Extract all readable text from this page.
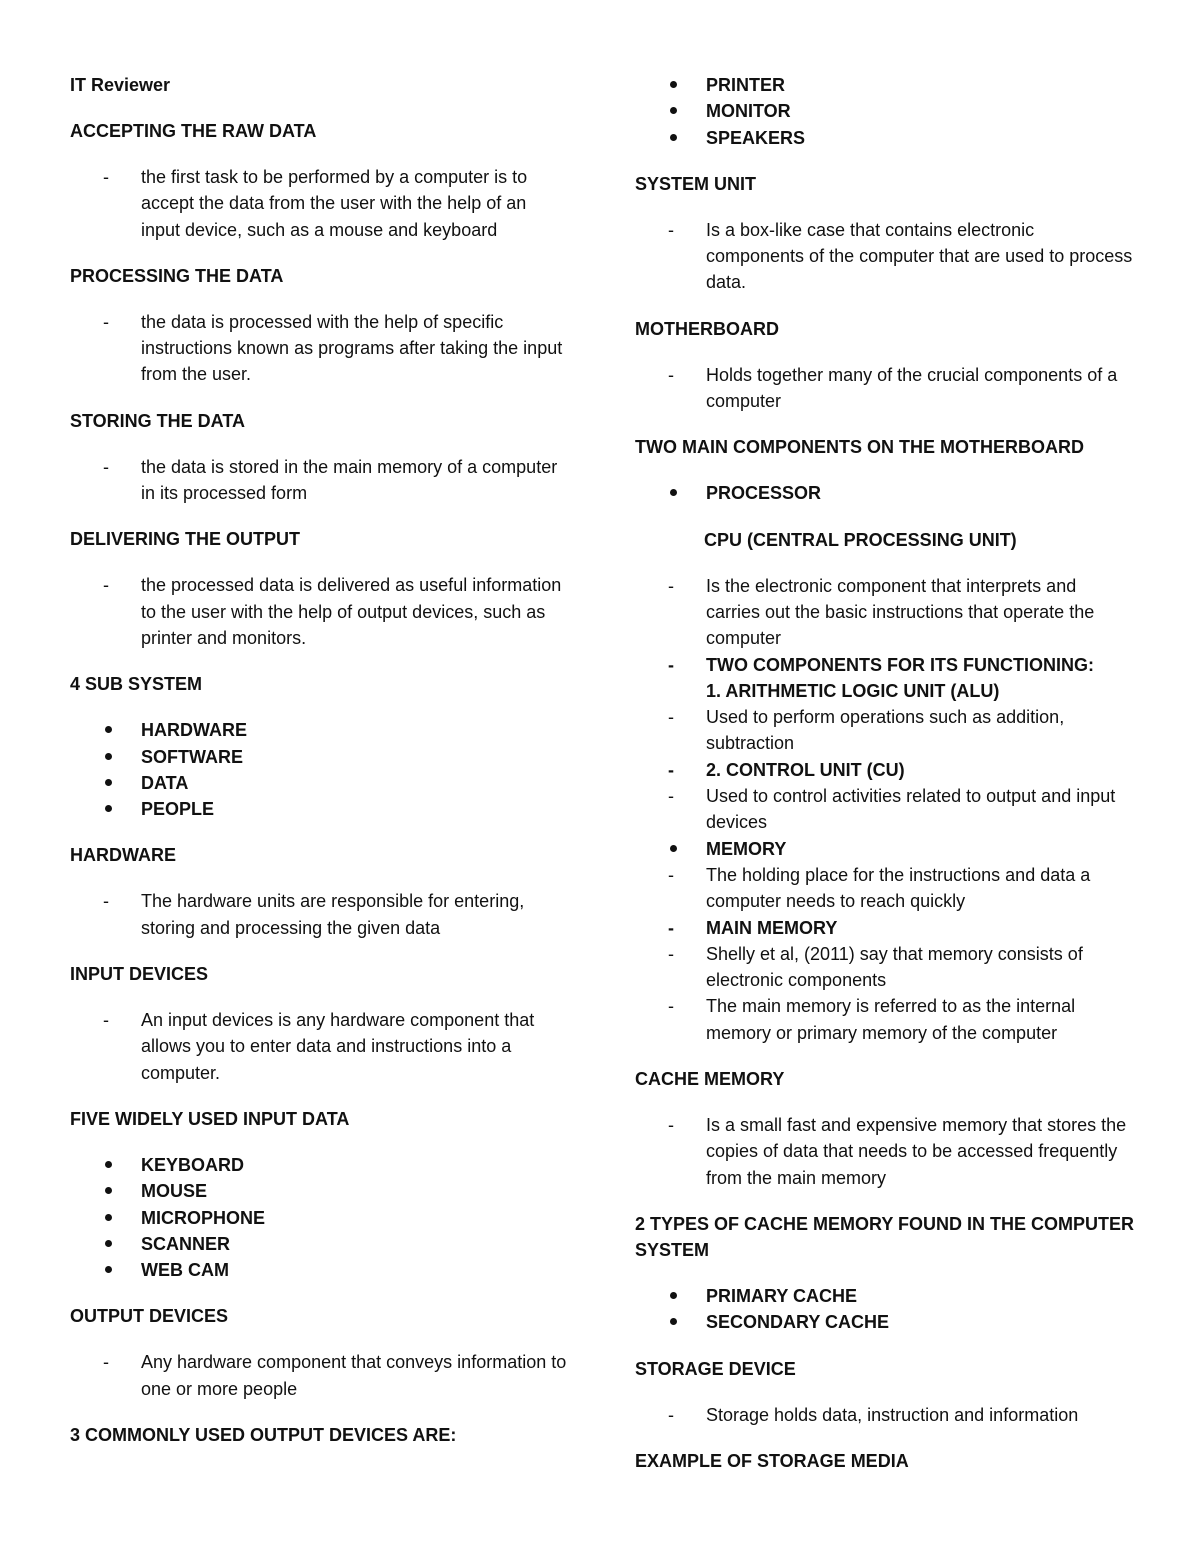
IT Reviewer
ACCEPTING THE RAW DATA
- the first task to be performed by a computer is to accept the data from the user with the help of an input device, such as a mouse and keyboard
PROCESSING THE DATA
- the data is processed with the help of specific instructions known as programs after taking the input from the user.
STORING THE DATA
- the data is stored in the main memory of a computer in its processed form
DELIVERING THE OUTPUT
- the processed data is delivered as useful information to the user with the help of output devices, such as printer and monitors.
4 SUB SYSTEM
HARDWARE
SOFTWARE
DATA
PEOPLE
HARDWARE
- The hardware units are responsible for entering, storing and processing the given data
INPUT DEVICES
- An input devices is any hardware component that allows you to enter data and instructions into a computer.
FIVE WIDELY USED INPUT DATA
KEYBOARD
MOUSE
MICROPHONE
SCANNER
WEB CAM
OUTPUT DEVICES
- Any hardware component that conveys information to one or more people
3 COMMONLY USED OUTPUT DEVICES ARE:
PRINTER
MONITOR
SPEAKERS
SYSTEM UNIT
- Is a box-like case that contains electronic components of the computer that are used to process data.
MOTHERBOARD
- Holds together many of the crucial components of a computer
TWO MAIN COMPONENTS ON THE MOTHERBOARD
PROCESSOR
CPU (CENTRAL PROCESSING UNIT)
- Is the electronic component that interprets and carries out the basic instructions that operate the computer
- TWO COMPONENTS FOR ITS FUNCTIONING:
1. ARITHMETIC LOGIC UNIT (ALU)
- Used to perform operations such as addition, subtraction
- 2. CONTROL UNIT (CU)
- Used to control activities related to output and input devices
MEMORY
- The holding place for the instructions and data a computer needs to reach quickly
- MAIN MEMORY
- Shelly et al, (2011) say that memory consists of electronic components
- The main memory is referred to as the internal memory or primary memory of the computer
CACHE MEMORY
- Is a small fast and expensive memory that stores the copies of data that needs to be accessed frequently from the main memory
2 TYPES OF CACHE MEMORY FOUND IN THE COMPUTER SYSTEM
PRIMARY CACHE
SECONDARY CACHE
STORAGE DEVICE
- Storage holds data, instruction and information
EXAMPLE OF STORAGE MEDIA
